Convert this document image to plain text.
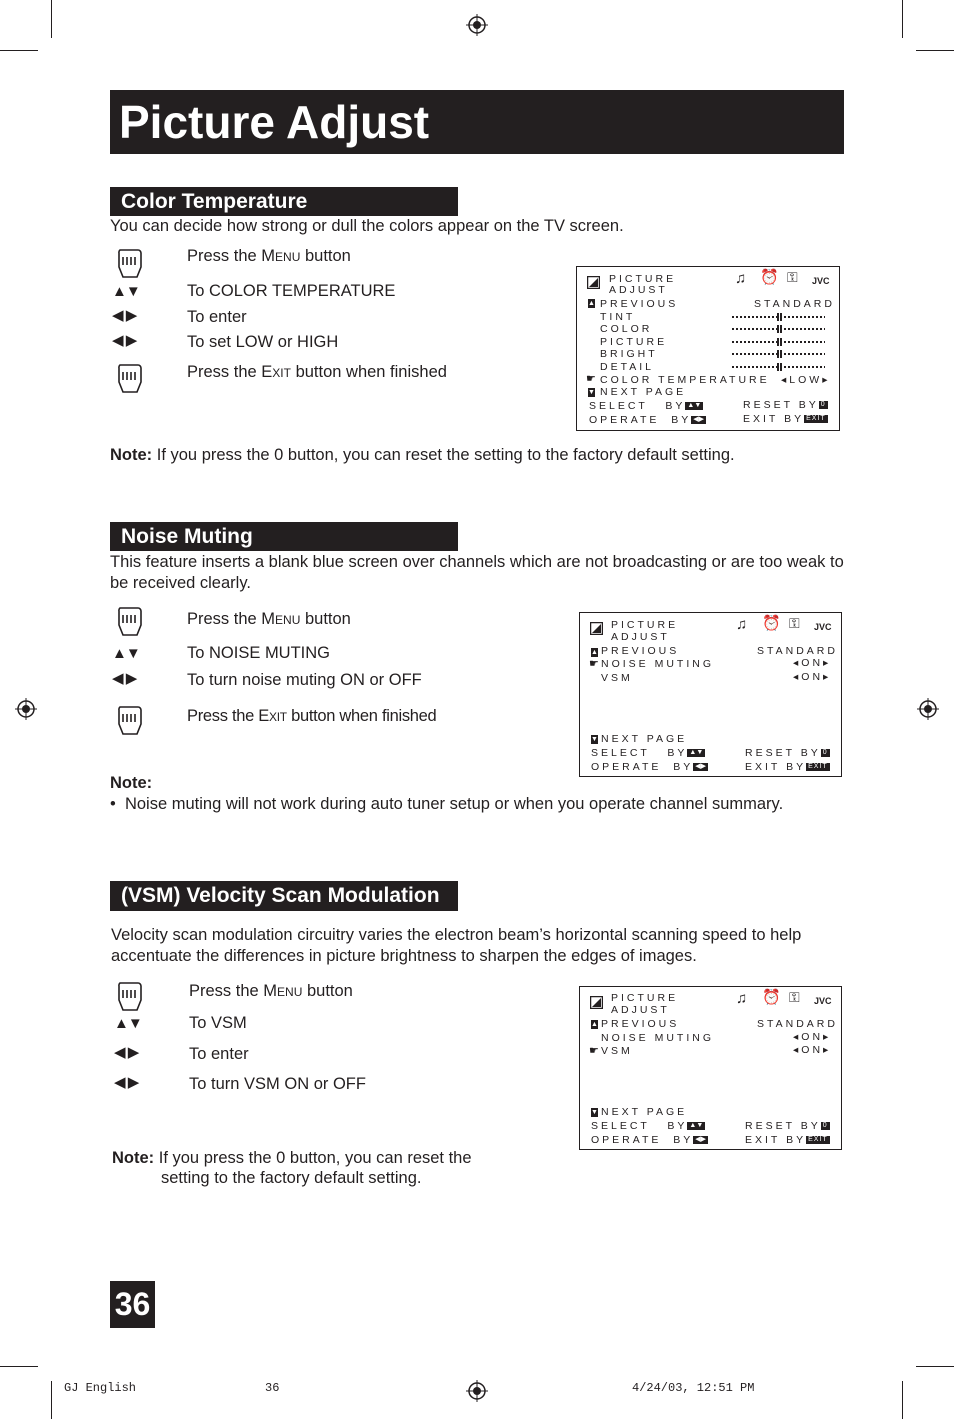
Picture Adjust
Color Temperature
You can decide how strong or dull the colors appear on the TV screen.
Press the Menu button
▲▼	To COLOR TEMPERATURE
◀ ▶	To enter
◀ ▶	To set LOW or HIGH
Press the Exit button when finished
PICTURE
ADJUST
♫ ⏰ ⚿ JVC
▲ PREVIOUS	STANDARD
TINT
COLOR
PICTURE
BRIGHT
DETAIL
☛ COLOR TEMPERATURE ◂LOW▸
▼ NEXT PAGE
SELECT   BY ▲▼	RESET BY 0
OPERATE  BY ◀▶	EXIT BY EXIT
Note: If you press the 0 button, you can reset the setting to the factory default setting.
Noise Muting
This feature inserts a blank blue screen over channels which are not broadcasting or are too weak to be received clearly.
Press the Menu button
▲▼	To NOISE MUTING
◀ ▶	To turn noise muting ON or OFF
Press the Exit button when finished
PICTURE
ADJUST
♫ ⏰ ⚿ JVC
▲ PREVIOUS	STANDARD
☛ NOISE MUTING	◂ON▸
VSM	◂ON▸
▼ NEXT PAGE
SELECT   BY ▲▼	RESET BY 0
OPERATE  BY ◀▶	EXIT BY EXIT
Note:
•  Noise muting will not work during auto tuner setup or when you operate channel summary.
(VSM) Velocity Scan Modulation
Velocity scan modulation circuitry varies the electron beam’s horizontal scanning speed to help accentuate the differences in picture brightness to sharpen the edges of images.
Press the Menu button
▲▼	To VSM
◀ ▶	To enter
◀ ▶	To turn VSM ON or OFF
PICTURE
ADJUST
♫ ⏰ ⚿ JVC
▲ PREVIOUS	STANDARD
NOISE MUTING	◂ON▸
☛ VSM	◂ON▸
▼ NEXT PAGE
SELECT   BY ▲▼	RESET BY 0
OPERATE  BY ◀▶	EXIT BY EXIT
Note: If you press the 0 button, you can reset the
setting to the factory default setting.
36
GJ English	36	4/24/03, 12:51 PM
